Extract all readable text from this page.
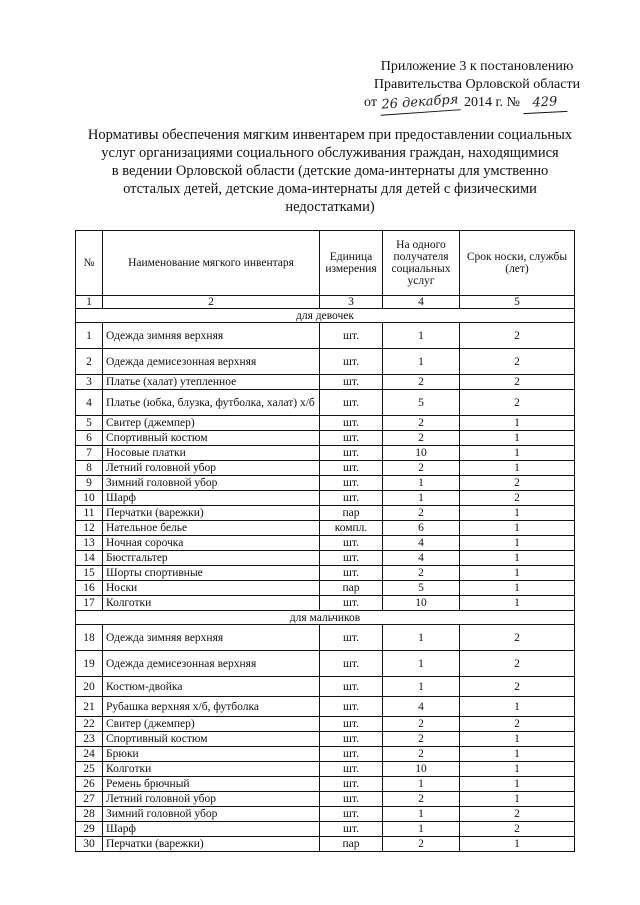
Приложение 3 к постановлению
Правительства Орловской области
от 26 декабря 2014 г. № 429
Нормативы обеспечения мягким инвентарем при предоставлении социальных
услуг организациями социального обслуживания граждан, находящимися
в ведении Орловской области (детские дома-интернаты для умственно
отсталых детей, детские дома-интернаты для детей с физическими
недостатками)
№	Наименование мягкого инвентаря	Единица измерения	На одного получателя социальных услуг	Срок носки, службы (лет)
1	2	3	4	5
для девочек				
1	Одежда зимняя верхняя	шт.	1	2
2	Одежда демисезонная верхняя	шт.	1	2
3	Платье (халат) утепленное	шт.	2	2
4	Платье (юбка, блузка, футболка, халат) х/б	шт.	5	2
5	Свитер (джемпер)	шт.	2	1
6	Спортивный костюм	шт.	2	1
7	Носовые платки	шт.	10	1
8	Летний головной убор	шт.	2	1
9	Зимний головной убор	шт.	1	2
10	Шарф	шт.	1	2
11	Перчатки (варежки)	пар	2	1
12	Нательное белье	компл.	6	1
13	Ночная сорочка	шт.	4	1
14	Бюстгальтер	шт.	4	1
15	Шорты спортивные	шт.	2	1
16	Носки	пар	5	1
17	Колготки	шт.	10	1
для мальчиков				
18	Одежда зимняя верхняя	шт.	1	2
19	Одежда демисезонная верхняя	шт.	1	2
20	Костюм-двойка	шт.	1	2
21	Рубашка верхняя х/б, футболка	шт.	4	1
22	Свитер (джемпер)	шт.	2	2
23	Спортивный костюм	шт.	2	1
24	Брюки	шт.	2	1
25	Колготки	шт.	10	1
26	Ремень брючный	шт.	1	1
27	Летний головной убор	шт.	2	1
28	Зимний головной убор	шт.	1	2
29	Шарф	шт.	1	2
30	Перчатки (варежки)	пар	2	1
